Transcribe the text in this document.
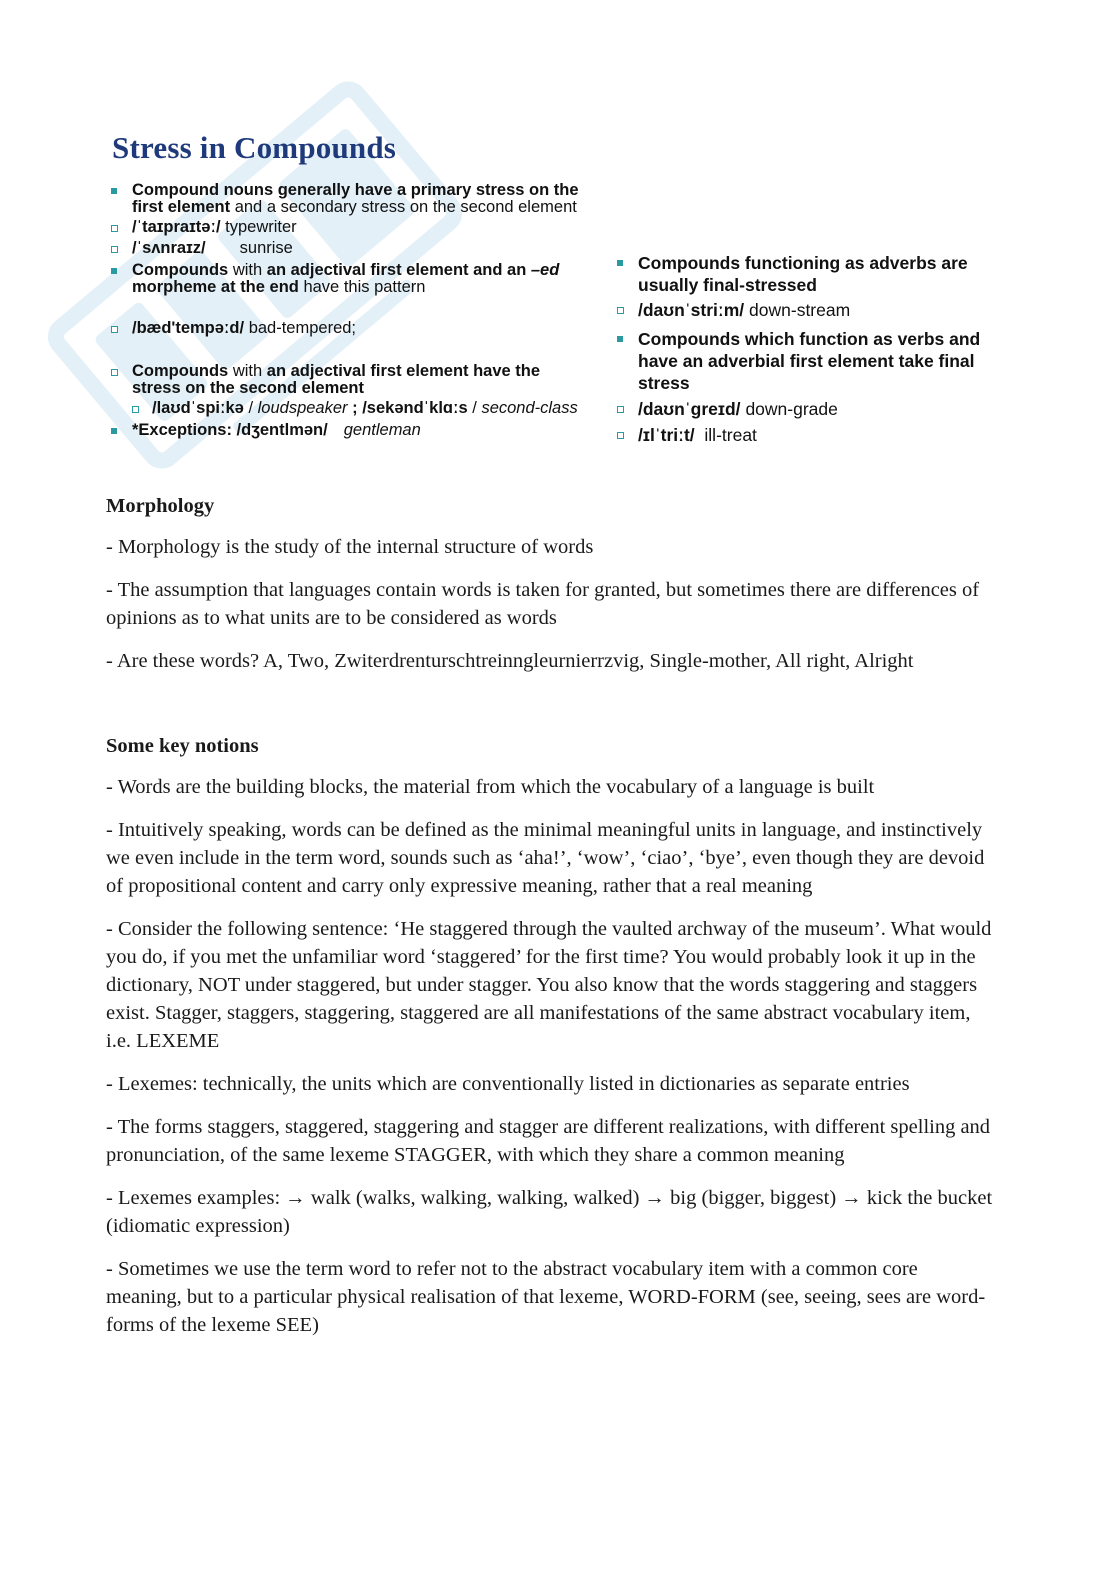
Stress in Compounds
Compound nouns generally have a primary stress on the
first element and a secondary stress on the second element
/ˈtaɪpraɪtəː/ typewriter
/ˈsʌnraɪz/ sunrise
Compounds with an adjectival first element and an –ed
morpheme at the end have this pattern
/bæd'tempəːd/ bad-tempered;
Compounds with an adjectival first element have the
stress on the second element
/laʊdˈspiːkə / loudspeaker ; /sekəndˈklɑːs / second-class
*Exceptions: /dʒentlmən/ gentleman
Compounds functioning as adverbs are
usually final-stressed
/daʊnˈstriːm/ down-stream
Compounds which function as verbs and
have an adverbial first element take final
stress
/daʊnˈgreɪd/ down-grade
/ɪlˈtriːt/ ill-treat
Morphology

- Morphology is the study of the internal structure of words

- The assumption that languages contain words is taken for granted, but sometimes there are differences of opinions as to what units are to be considered as words

- Are these words? A, Two, Zwiterdrenturschtreinngleurnierrzvig, Single-mother, All right, Alright

Some key notions

- Words are the building blocks, the material from which the vocabulary of a language is built

- Intuitively speaking, words can be defined as the minimal meaningful units in language, and instinctively we even include in the term word, sounds such as ‘aha!’, ‘wow’, ‘ciao’, ‘bye’, even though they are devoid of propositional content and carry only expressive meaning, rather that a real meaning

- Consider the following sentence: ‘He staggered through the vaulted archway of the museum’. What would you do, if you met the unfamiliar word ‘staggered’ for the first time? You would probably look it up in the dictionary, NOT under staggered, but under stagger. You also know that the words staggering and staggers exist. Stagger, staggers, staggering, staggered are all manifestations of the same abstract vocabulary item, i.e. LEXEME

- Lexemes: technically, the units which are conventionally listed in dictionaries as separate entries

- The forms staggers, staggered, staggering and stagger are different realizations, with different spelling and pronunciation, of the same lexeme STAGGER, with which they share a common meaning

- Lexemes examples: → walk (walks, walking, walking, walked) → big (bigger, biggest) → kick the bucket (idiomatic expression)

- Sometimes we use the term word to refer not to the abstract vocabulary item with a common core meaning, but to a particular physical realisation of that lexeme, WORD-FORM (see, seeing, sees are word-forms of the lexeme SEE)
